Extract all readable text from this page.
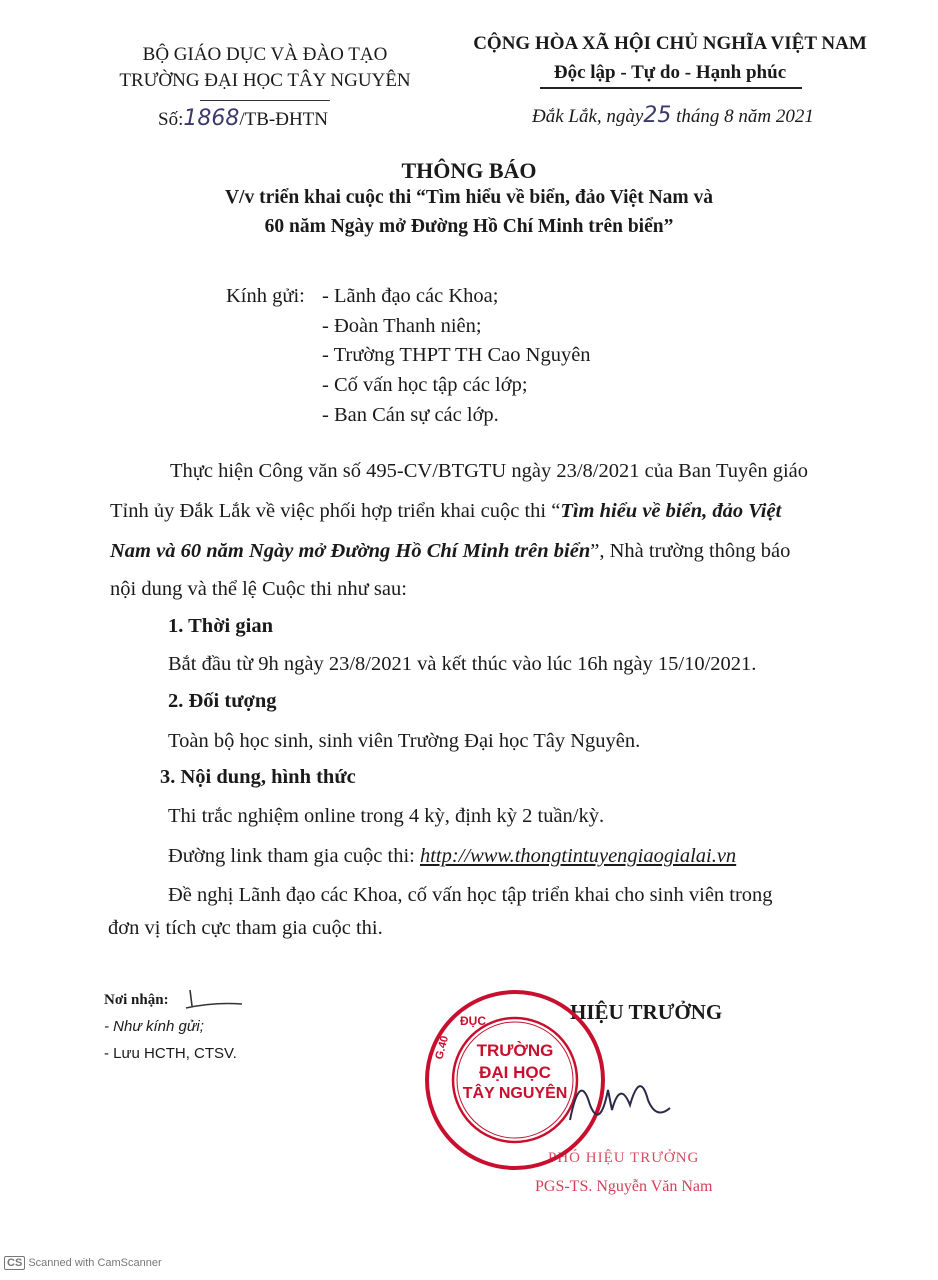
BỘ GIÁO DỤC VÀ ĐÀO TẠO
TRƯỜNG ĐẠI HỌC TÂY NGUYÊN
Số:1868/TB-ĐHTN
CỘNG HÒA XÃ HỘI CHỦ NGHĨA VIỆT NAM
Độc lập - Tự do - Hạnh phúc
Đắk Lắk, ngày25 tháng 8 năm 2021
THÔNG BÁO
V/v triển khai cuộc thi “Tìm hiểu về biển, đảo Việt Nam và
60 năm Ngày mở Đường Hồ Chí Minh trên biển”
Kính gửi: - Lãnh đạo các Khoa;
- Đoàn Thanh niên;
- Trường THPT TH Cao Nguyên
- Cố vấn học tập các lớp;
- Ban Cán sự các lớp.
Thực hiện Công văn số 495-CV/BTGTU ngày 23/8/2021 của Ban Tuyên giáo
Tỉnh ủy Đắk Lắk về việc phối hợp triển khai cuộc thi “Tìm hiểu về biển, đảo Việt
Nam và 60 năm Ngày mở Đường Hồ Chí Minh trên biển”, Nhà trường thông báo
nội dung và thể lệ Cuộc thi như sau:
1. Thời gian
Bắt đầu từ 9h ngày 23/8/2021 và kết thúc vào lúc 16h ngày 15/10/2021.
2. Đối tượng
Toàn bộ học sinh, sinh viên Trường Đại học Tây Nguyên.
3. Nội dung, hình thức
Thi trắc nghiệm online trong 4 kỳ, định kỳ 2 tuần/kỳ.
Đường link tham gia cuộc thi: http://www.thongtintuyengiaogialai.vn
Đề nghị Lãnh đạo các Khoa, cố vấn học tập triển khai cho sinh viên trong
đơn vị tích cực tham gia cuộc thi.
Nơi nhận:
- Như kính gửi;
- Lưu HCTH, CTSV.
HIỆU TRƯỞNG
ĐỤC
G.40	TRƯỜNG
ĐẠI HỌC
TÂY NGUYÊN
PHÓ HIỆU TRƯỞNG
PGS-TS. Nguyễn Văn Nam
CS Scanned with CamScanner
